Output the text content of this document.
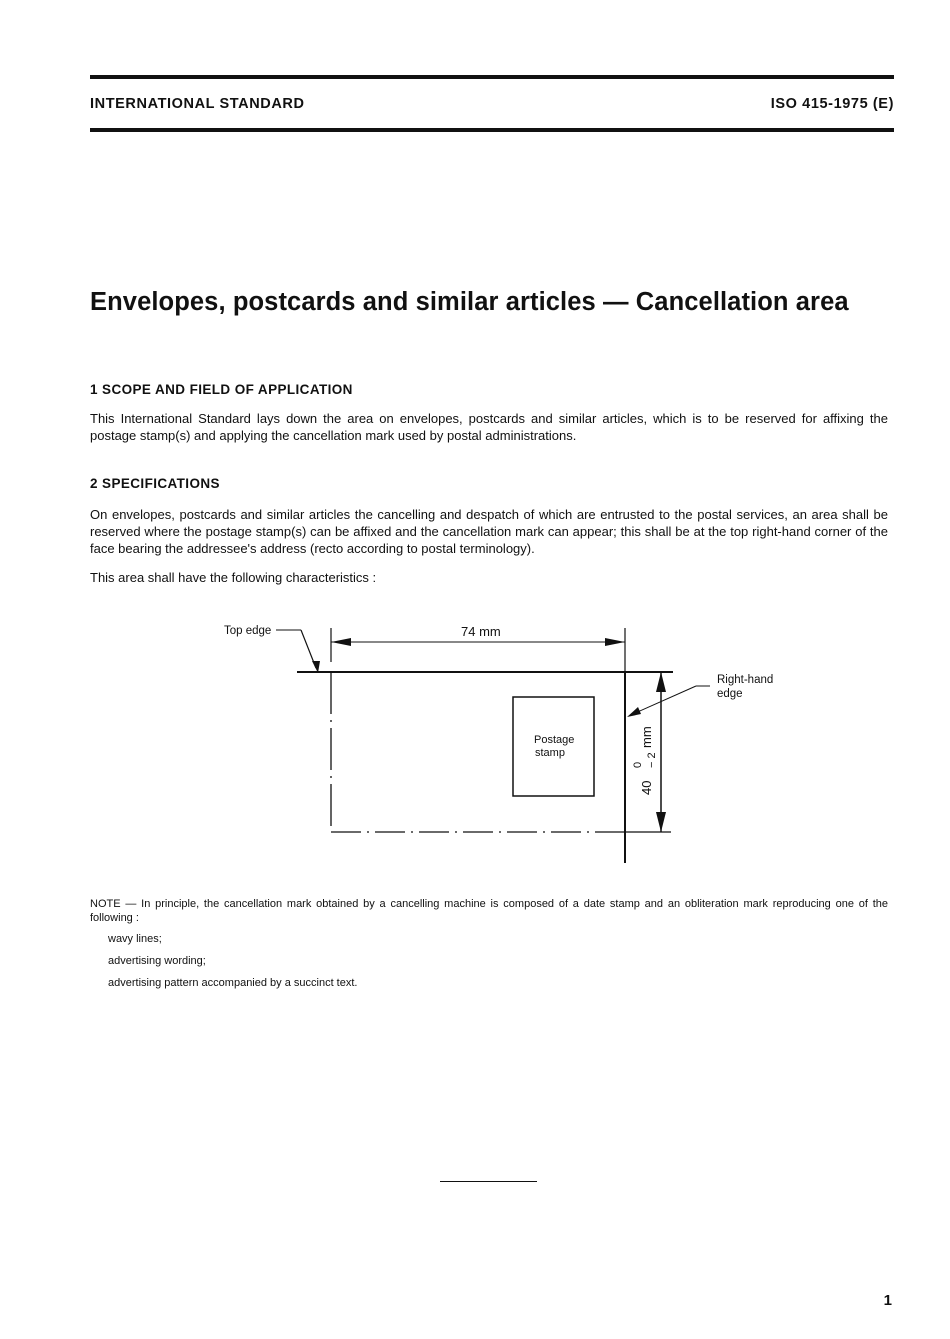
INTERNATIONAL STANDARD	ISO 415-1975 (E)
Envelopes, postcards and similar articles — Cancellation area
1 SCOPE AND FIELD OF APPLICATION

This International Standard lays down the area on envelopes, postcards and similar articles, which is to be reserved for affixing the postage stamp(s) and applying the cancellation mark used by postal administrations.

2 SPECIFICATIONS

On envelopes, postcards and similar articles the cancelling and despatch of which are entrusted to the postal services, an area shall be reserved where the postage stamp(s) can be affixed and the cancellation mark can appear; this shall be at the top right-hand corner of the face bearing the addressee's address (recto according to postal terminology).

This area shall have the following characteristics :

Top edge	74 mm
Postage
stamp
40
0 − 2
mm
Right-hand
edge

NOTE — In principle, the cancellation mark obtained by a cancelling machine is composed of a date stamp and an obliteration mark reproducing one of the following :

wavy lines;
advertising wording;
advertising pattern accompanied by a succinct text.
1
